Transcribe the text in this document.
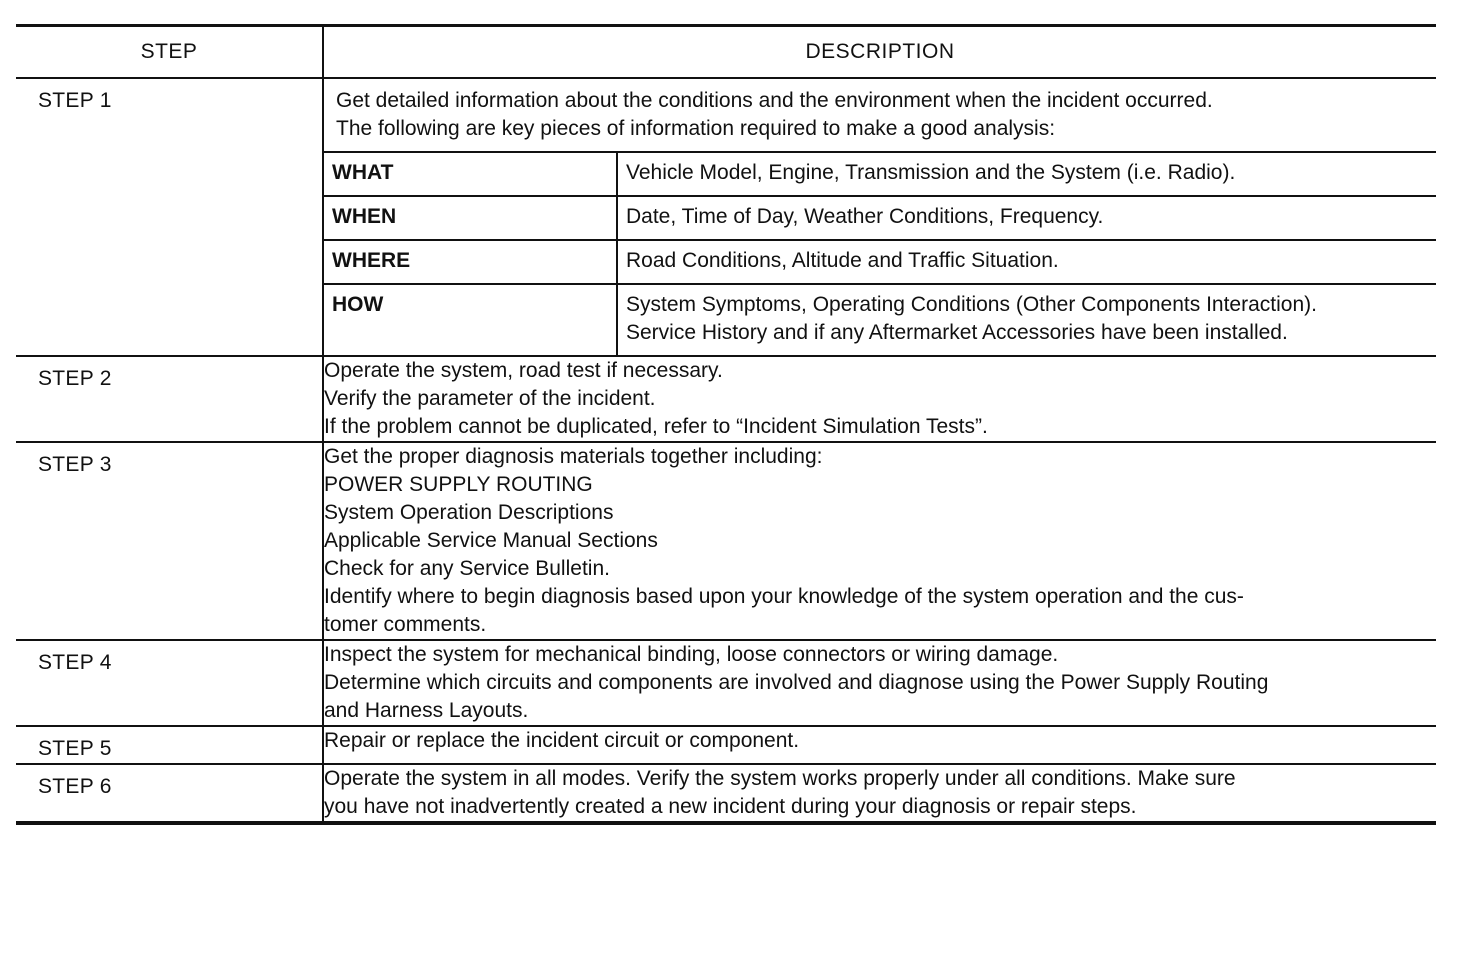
STEP	DESCRIPTION

STEP 1	Get detailed information about the conditions and the environment when the incident occurred.
The following are key pieces of information required to make a good analysis:
WHAT	Vehicle Model, Engine, Transmission and the System (i.e. Radio).

WHEN	Date, Time of Day, Weather Conditions, Frequency.

WHERE	Road Conditions, Altitude and Traffic Situation.

HOW	System Symptoms, Operating Conditions (Other Components Interaction).
Service History and if any Aftermarket Accessories have been installed.

STEP 2	Operate the system, road test if necessary.
Verify the parameter of the incident.
If the problem cannot be duplicated, refer to “Incident Simulation Tests”.

STEP 3	Get the proper diagnosis materials together including:
POWER SUPPLY ROUTING
System Operation Descriptions
Applicable Service Manual Sections
Check for any Service Bulletin.
Identify where to begin diagnosis based upon your knowledge of the system operation and the cus-
tomer comments.

STEP 4	Inspect the system for mechanical binding, loose connectors or wiring damage.
Determine which circuits and components are involved and diagnose using the Power Supply Routing
and Harness Layouts.

STEP 5	Repair or replace the incident circuit or component.

STEP 6	Operate the system in all modes. Verify the system works properly under all conditions. Make sure
you have not inadvertently created a new incident during your diagnosis or repair steps.
